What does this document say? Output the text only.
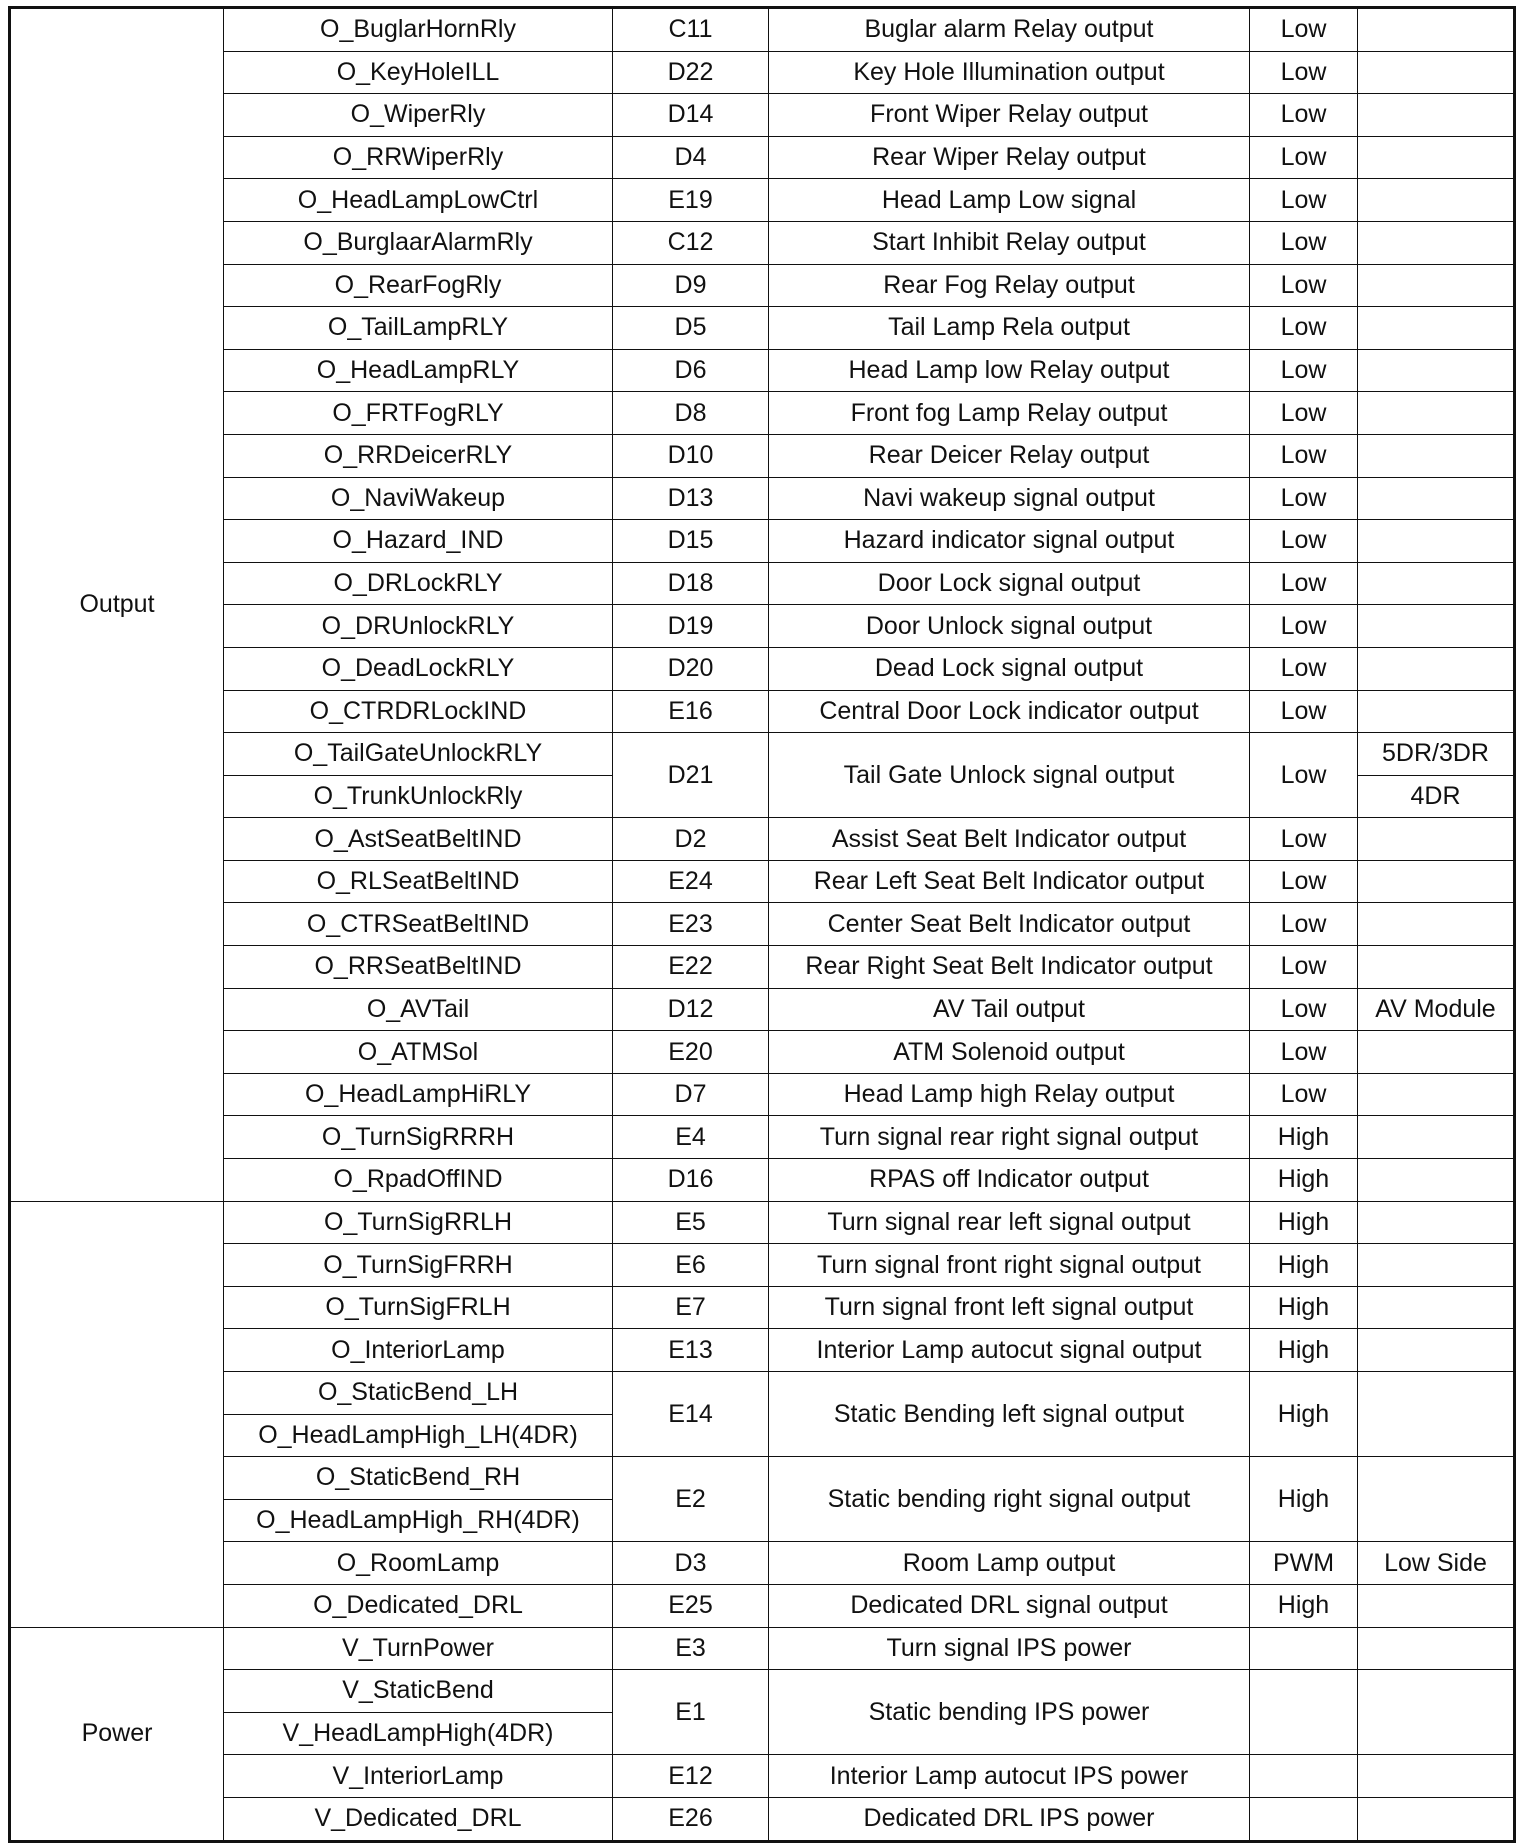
Output	O_BuglarHornRly	C11	Buglar alarm Relay output	Low	
	O_KeyHoleILL	D22	Key Hole Illumination output	Low	
	O_WiperRly	D14	Front Wiper Relay output	Low	
	O_RRWiperRly	D4	Rear Wiper Relay output	Low	
	O_HeadLampLowCtrl	E19	Head Lamp Low signal	Low	
	O_BurglaarAlarmRly	C12	Start Inhibit Relay output	Low	
	O_RearFogRly	D9	Rear Fog Relay output	Low	
	O_TailLampRLY	D5	Tail Lamp Rela output	Low	
	O_HeadLampRLY	D6	Head Lamp low Relay output	Low	
	O_FRTFogRLY	D8	Front fog Lamp Relay output	Low	
	O_RRDeicerRLY	D10	Rear Deicer Relay output	Low	
	O_NaviWakeup	D13	Navi wakeup signal output	Low	
	O_Hazard_IND	D15	Hazard indicator signal output	Low	
	O_DRLockRLY	D18	Door Lock signal output	Low	
	O_DRUnlockRLY	D19	Door Unlock signal output	Low	
	O_DeadLockRLY	D20	Dead Lock signal output	Low	
	O_CTRDRLockIND	E16	Central Door Lock indicator output	Low	
	O_TailGateUnlockRLY	D21	Tail Gate Unlock signal output	Low	5DR/3DR
	O_TrunkUnlockRly				4DR
	O_AstSeatBeltIND	D2	Assist Seat Belt Indicator output	Low	
	O_RLSeatBeltIND	E24	Rear Left Seat Belt Indicator output	Low	
	O_CTRSeatBeltIND	E23	Center Seat Belt Indicator output	Low	
	O_RRSeatBeltIND	E22	Rear Right Seat Belt Indicator output	Low	
	O_AVTail	D12	AV Tail output	Low	AV Module
	O_ATMSol	E20	ATM Solenoid output	Low	
	O_HeadLampHiRLY	D7	Head Lamp high Relay output	Low	
	O_TurnSigRRRH	E4	Turn signal rear right signal output	High	
	O_RpadOffIND	D16	RPAS off Indicator output	High	
	O_TurnSigRRLH	E5	Turn signal rear left signal output	High	
	O_TurnSigFRRH	E6	Turn signal front right signal output	High	
	O_TurnSigFRLH	E7	Turn signal front left signal output	High	
	O_InteriorLamp	E13	Interior Lamp autocut signal output	High	
	O_StaticBend_LH	E14	Static Bending left signal output	High	
	O_HeadLampHigh_LH(4DR)				
	O_StaticBend_RH	E2	Static bending right signal output	High	
	O_HeadLampHigh_RH(4DR)				
	O_RoomLamp	D3	Room Lamp output	PWM	Low Side
	O_Dedicated_DRL	E25	Dedicated DRL signal output	High	
Power	V_TurnPower	E3	Turn signal IPS power		
	V_StaticBend	E1	Static bending IPS power		
	V_HeadLampHigh(4DR)				
	V_InteriorLamp	E12	Interior Lamp autocut IPS power		
	V_Dedicated_DRL	E26	Dedicated DRL IPS power		
